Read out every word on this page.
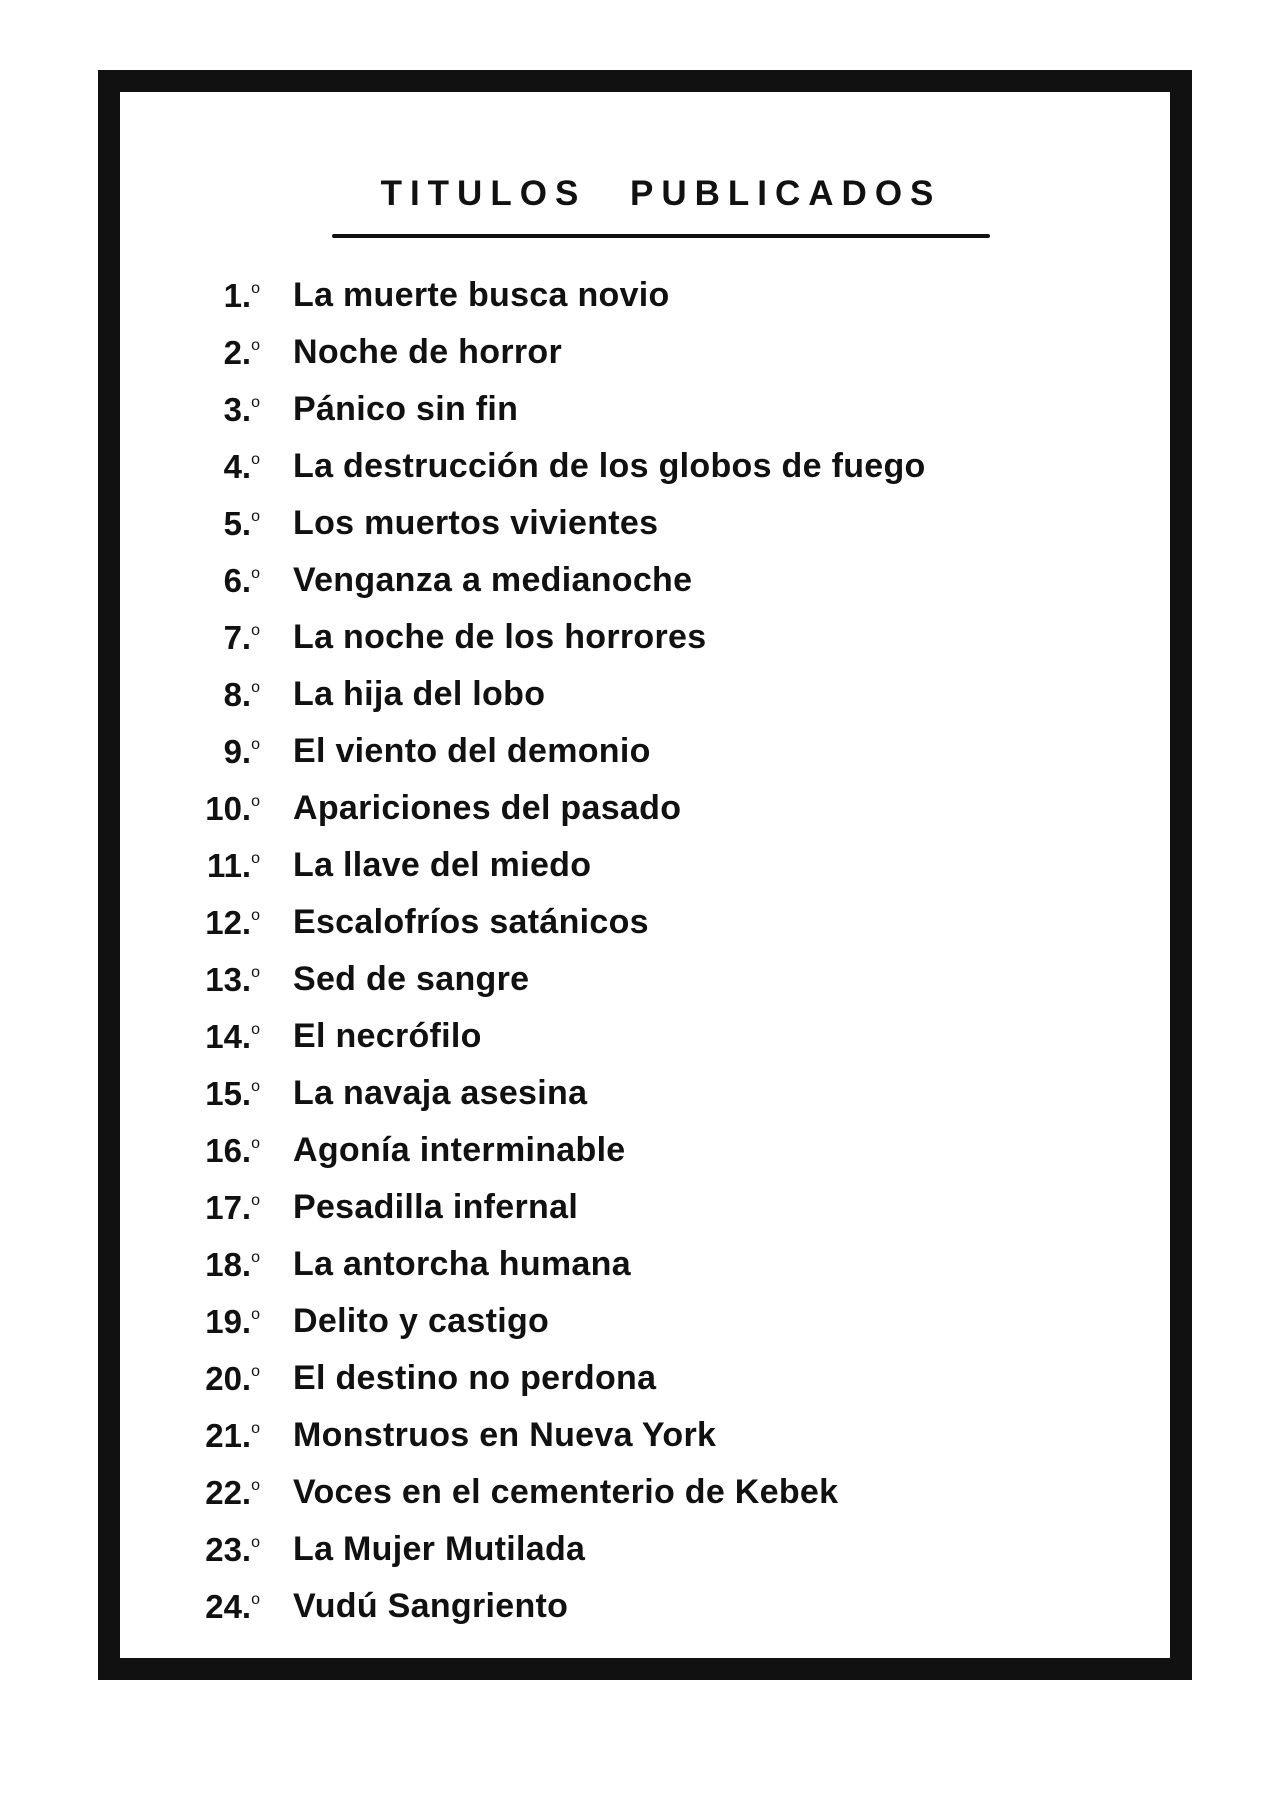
TITULOS PUBLICADOS
1.$^o$ La muerte busca novio
2.$^o$ Noche de horror
3.$^o$ Pánico sin fin
4.$^o$ La destrucción de los globos de fuego
5.$^o$ Los muertos vivientes
6.$^o$ Venganza a medianoche
7.$^o$ La noche de los horrores
8.$^o$ La hija del lobo
9.$^o$ El viento del demonio
10.$^o$ Apariciones del pasado
11.$^o$ La llave del miedo
12.$^o$ Escalofríos satánicos
13.$^o$ Sed de sangre
14.$^o$ El necrófilo
15.$^o$ La navaja asesina
16.$^o$ Agonía interminable
17.$^o$ Pesadilla infernal
18.$^o$ La antorcha humana
19.$^o$ Delito y castigo
20.$^o$ El destino no perdona
21.$^o$ Monstruos en Nueva York
22.$^o$ Voces en el cementerio de Kebek
23.$^o$ La Mujer Mutilada
24.$^o$ Vudú Sangriento
